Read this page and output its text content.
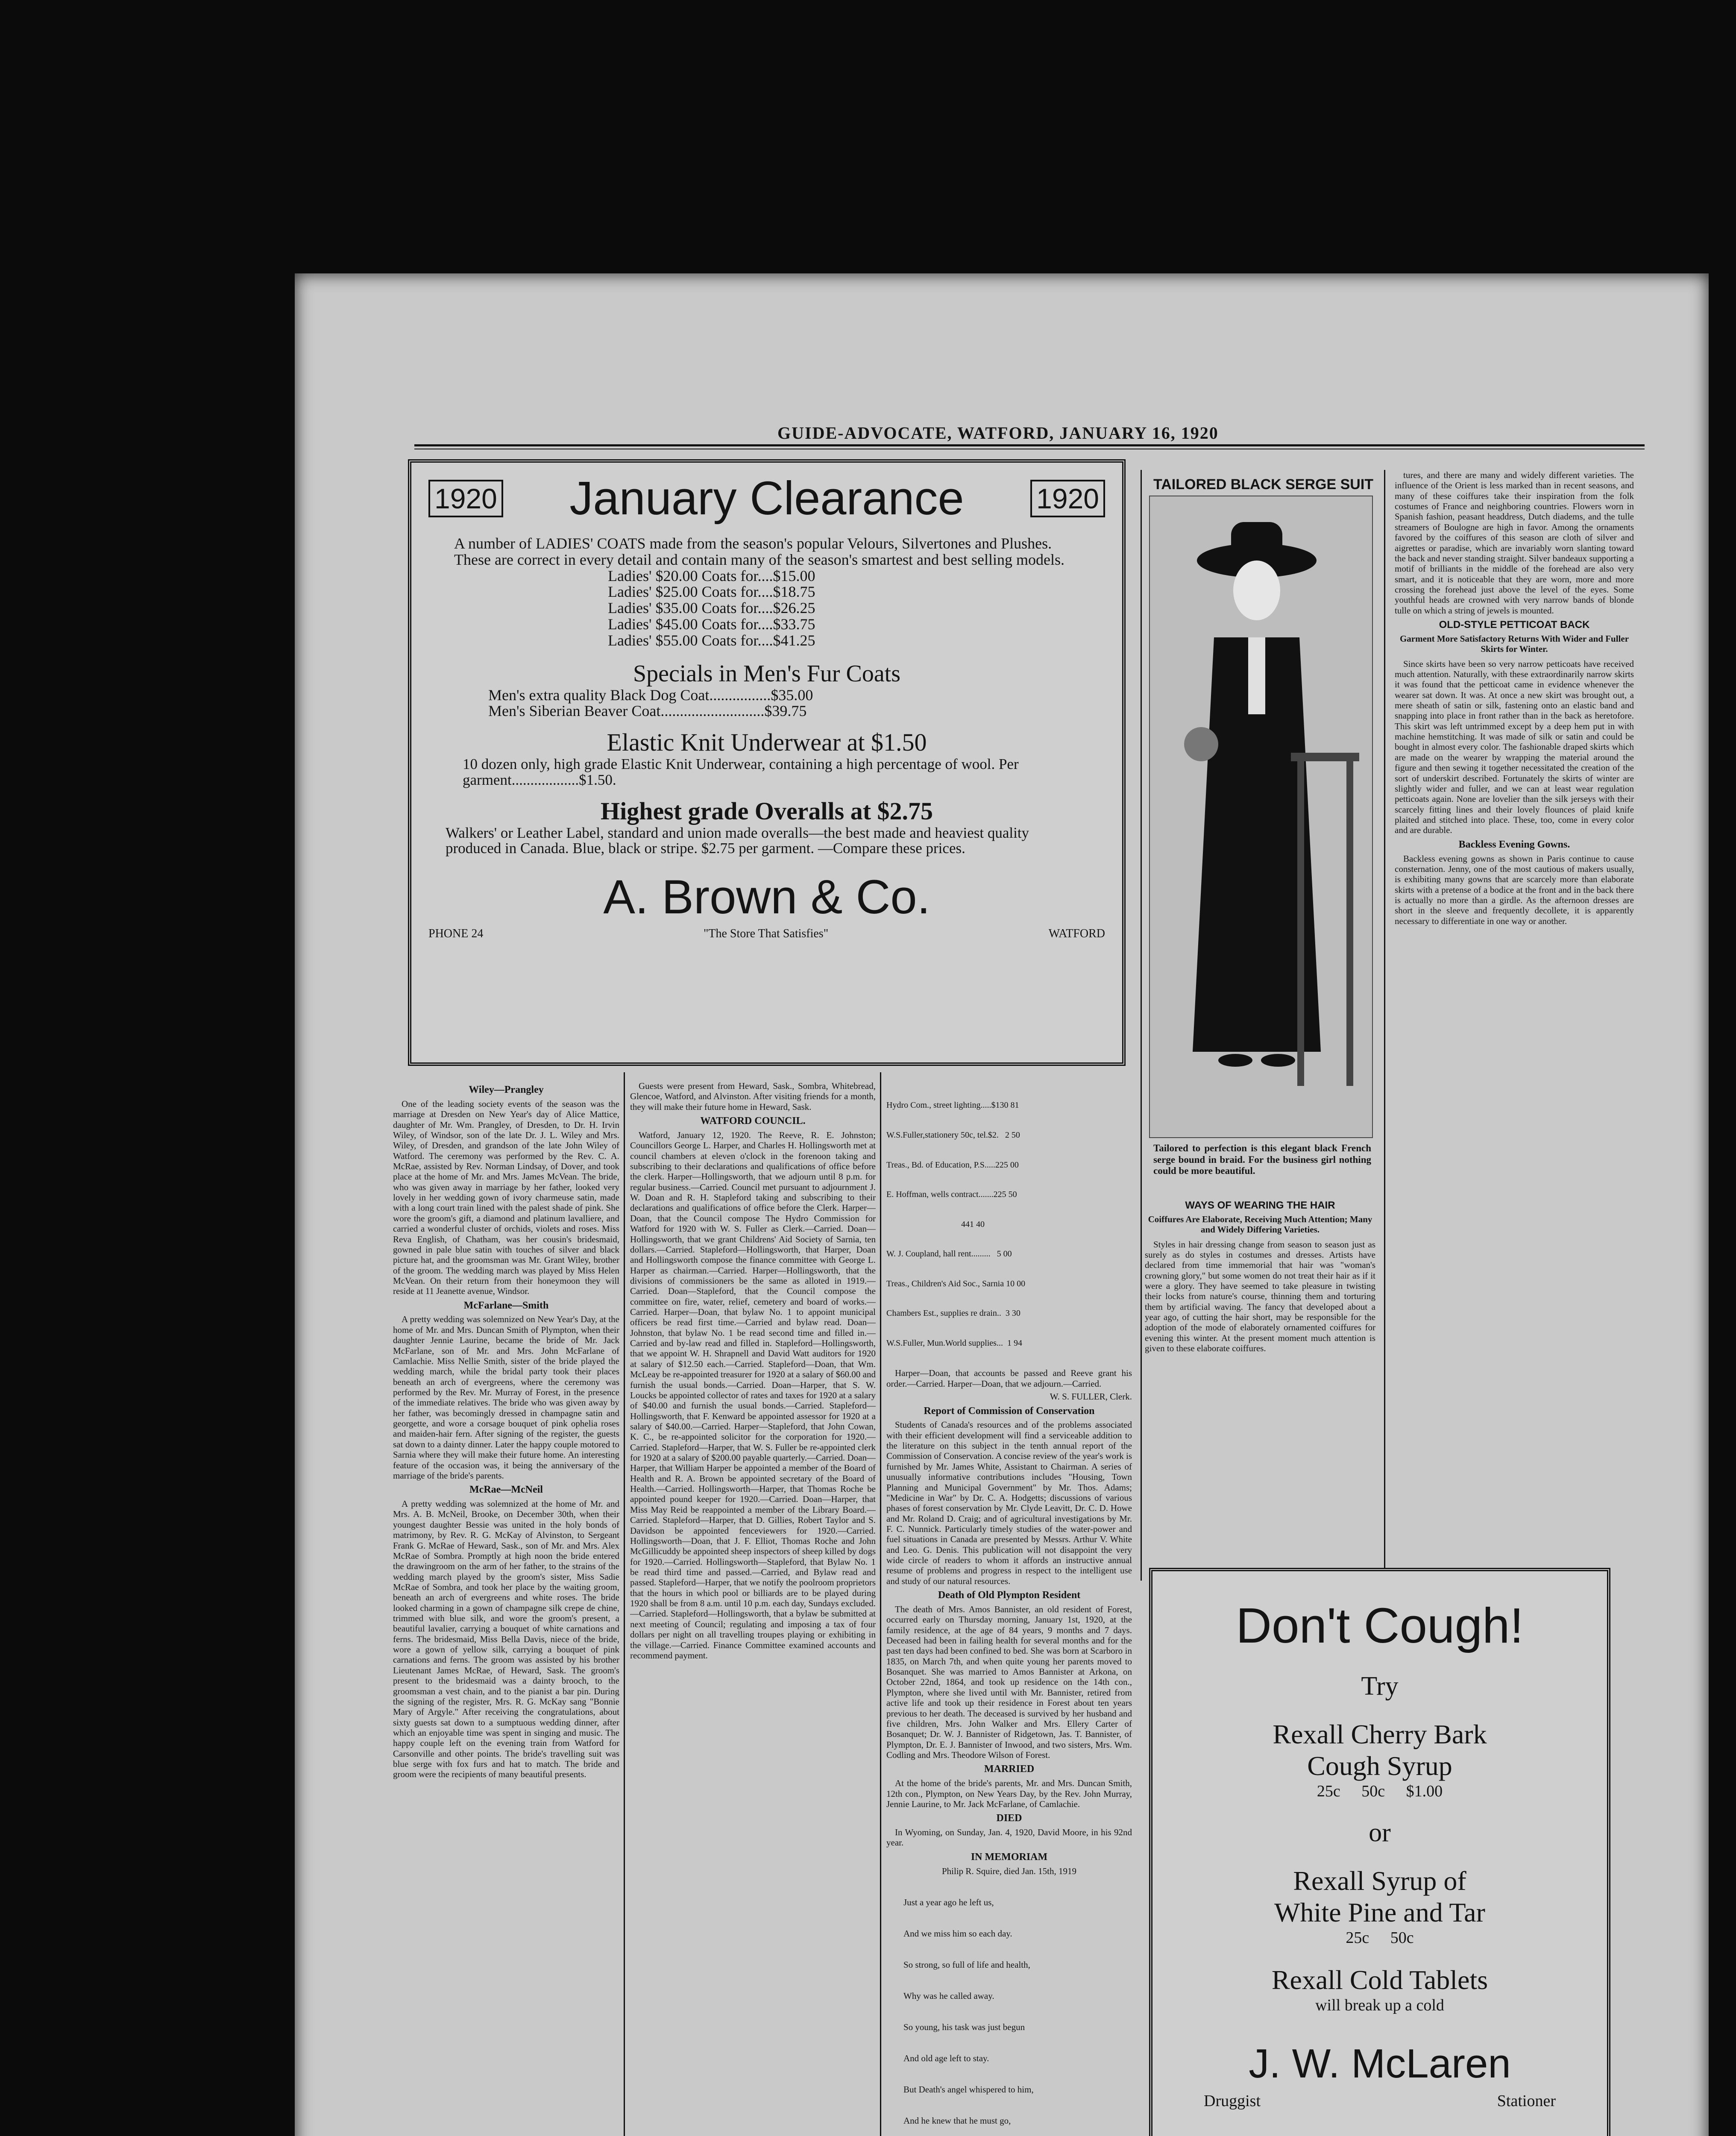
GUIDE-ADVOCATE, WATFORD, JANUARY 16, 1920
1920 January Clearance	1920
A number of LADIES' COATS made from the season's popular Velours, Silvertones and Plushes. These are correct in every detail and contain many of the season's smartest and best selling models.
Ladies' $20.00 Coats for....$15.00
Ladies' $25.00 Coats for....$18.75
Ladies' $35.00 Coats for....$26.25
Ladies' $45.00 Coats for....$33.75
Ladies' $55.00 Coats for....$41.25
Specials in Men's Fur Coats
Men's extra quality Black Dog Coat................$35.00
Men's Siberian Beaver Coat...........................$39.75
Elastic Knit Underwear at $1.50
10 dozen only, high grade Elastic Knit Underwear, containing a high percentage of wool. Per garment..................$1.50.
Highest grade Overalls at $2.75
Walkers' or Leather Label, standard and union made overalls—the best made and heaviest quality produced in Canada. Blue, black or stripe. $2.75 per garment. —Compare these prices.
A. Brown & Co.
PHONE 24	"The Store That Satisfies"	WATFORD
TAILORED BLACK SERGE SUIT
Tailored to perfection is this elegant black French serge bound in braid. For the business girl nothing could be more beautiful.
WAYS OF WEARING THE HAIR
Coiffures Are Elaborate, Receiving Much Attention; Many and Widely Differing Varieties.

Styles in hair dressing change from season to season just as surely as do styles in costumes and dresses. Artists have declared from time immemorial that hair was "woman's crowning glory," but some women do not treat their hair as if it were a glory. They have seemed to take pleasure in twisting their locks from nature's course, thinning them and torturing them by artificial waving. The fancy that developed about a year ago, of cutting the hair short, may be responsible for the adoption of the mode of elaborately ornamented coiffures for evening this winter. At the present moment much attention is given to these elaborate coiffures.

tures, and there are many and widely different varieties. The influence of the Orient is less marked than in recent seasons, and many of these coiffures take their inspiration from the folk costumes of France and neighboring countries. Flowers worn in Spanish fashion, peasant headdress, Dutch diadems, and the tulle streamers of Boulogne are high in favor. Among the ornaments favored by the coiffures of this season are cloth of silver and aigrettes or paradise, which are invariably worn slanting toward the back and never standing straight. Silver bandeaux supporting a motif of brilliants in the middle of the forehead are also very smart, and it is noticeable that they are worn, more and more crossing the forehead just above the level of the eyes. Some youthful heads are crowned with very narrow bands of blonde tulle on which a string of jewels is mounted.

OLD-STYLE PETTICOAT BACK
Garment More Satisfactory Returns With Wider and Fuller Skirts for Winter.

Since skirts have been so very narrow petticoats have received much attention. Naturally, with these extraordinarily narrow skirts it was found that the petticoat came in evidence whenever the wearer sat down. It was. At once a new skirt was brought out, a mere sheath of satin or silk, fastening onto an elastic band and snapping into place in front rather than in the back as heretofore. This skirt was left untrimmed except by a deep hem put in with machine hemstitching. It was made of silk or satin and could be bought in almost every color. The fashionable draped skirts which are made on the wearer by wrapping the material around the figure and then sewing it together necessitated the creation of the sort of underskirt described. Fortunately the skirts of winter are slightly wider and fuller, and we can at least wear regulation petticoats again. None are lovelier than the silk jerseys with their scarcely fitting lines and their lovely flounces of plaid knife plaited and stitched into place. These, too, come in every color and are durable.

Backless Evening Gowns.

Backless evening gowns as shown in Paris continue to cause consternation. Jenny, one of the most cautious of makers usually, is exhibiting many gowns that are scarcely more than elaborate skirts with a pretense of a bodice at the front and in the back there is actually no more than a girdle. As the afternoon dresses are short in the sleeve and frequently decollete, it is apparently necessary to differentiate in one way or another.

Don't Cough!
Try
Rexall Cherry Bark
Cough Syrup
25c 50c $1.00
or
Rexall Syrup of
White Pine and Tar
25c 50c
Rexall Cold Tablets
will break up a cold
J. W. McLaren
Druggist	Stationer
Wiley—Prangley

One of the leading society events of the season was the marriage at Dresden on New Year's day of Alice Mattice, daughter of Mr. Wm. Prangley, of Dresden, to Dr. H. Irvin Wiley, of Windsor, son of the late Dr. J. L. Wiley and Mrs. Wiley, of Dresden, and grandson of the late John Wiley of Watford. The ceremony was performed by the Rev. C. A. McRae, assisted by Rev. Norman Lindsay, of Dover, and took place at the home of Mr. and Mrs. James McVean. The bride, who was given away in marriage by her father, looked very lovely in her wedding gown of ivory charmeuse satin, made with a long court train lined with the palest shade of pink. She wore the groom's gift, a diamond and platinum lavalliere, and carried a wonderful cluster of orchids, violets and roses. Miss Reva English, of Chatham, was her cousin's bridesmaid, gowned in pale blue satin with touches of silver and black picture hat, and the groomsman was Mr. Grant Wiley, brother of the groom. The wedding march was played by Miss Helen McVean. On their return from their honeymoon they will reside at 11 Jeanette avenue, Windsor.

McFarlane—Smith

A pretty wedding was solemnized on New Year's Day, at the home of Mr. and Mrs. Duncan Smith of Plympton, when their daughter Jennie Laurine, became the bride of Mr. Jack McFarlane, son of Mr. and Mrs. John McFarlane of Camlachie. Miss Nellie Smith, sister of the bride played the wedding march, while the bridal party took their places beneath an arch of evergreens, where the ceremony was performed by the Rev. Mr. Murray of Forest, in the presence of the immediate relatives. The bride who was given away by her father, was becomingly dressed in champagne satin and georgette, and wore a corsage bouquet of pink ophelia roses and maiden-hair fern. After signing of the register, the guests sat down to a dainty dinner. Later the happy couple motored to Sarnia where they will make their future home. An interesting feature of the occasion was, it being the anniversary of the marriage of the bride's parents.

McRae—McNeil

A pretty wedding was solemnized at the home of Mr. and Mrs. A. B. McNeil, Brooke, on December 30th, when their youngest daughter Bessie was united in the holy bonds of matrimony, by Rev. R. G. McKay of Alvinston, to Sergeant Frank G. McRae of Heward, Sask., son of Mr. and Mrs. Alex McRae of Sombra. Promptly at high noon the bride entered the drawingroom on the arm of her father, to the strains of the wedding march played by the groom's sister, Miss Sadie McRae of Sombra, and took her place by the waiting groom, beneath an arch of evergreens and white roses. The bride looked charming in a gown of champagne silk crepe de chine, trimmed with blue silk, and wore the groom's present, a beautiful lavalier, carrying a bouquet of white carnations and ferns. The bridesmaid, Miss Bella Davis, niece of the bride, wore a gown of yellow silk, carrying a bouquet of pink carnations and ferns. The groom was assisted by his brother Lieutenant James McRae, of Heward, Sask. The groom's present to the bridesmaid was a dainty brooch, to the groomsman a vest chain, and to the pianist a bar pin. During the signing of the register, Mrs. R. G. McKay sang "Bonnie Mary of Argyle." After receiving the congratulations, about sixty guests sat down to a sumptuous wedding dinner, after which an enjoyable time was spent in singing and music. The happy couple left on the evening train from Watford for Carsonville and other points. The bride's travelling suit was blue serge with fox furs and hat to match. The bride and groom were the recipients of many beautiful presents.

Guests were present from Heward, Sask., Sombra, Whitebread, Glencoe, Watford, and Alvinston. After visiting friends for a month, they will make their future home in Heward, Sask.

WATFORD COUNCIL.

Watford, January 12, 1920. The Reeve, R. E. Johnston; Councillors George L. Harper, and Charles H. Hollingsworth met at council chambers at eleven o'clock in the forenoon taking and subscribing to their declarations and qualifications of office before the clerk. Harper—Hollingsworth, that we adjourn until 8 p.m. for regular business.—Carried. Council met pursuant to adjournment J. W. Doan and R. H. Stapleford taking and subscribing to their declarations and qualifications of office before the Clerk. Harper—Doan, that the Council compose The Hydro Commission for Watford for 1920 with W. S. Fuller as Clerk.—Carried. Doan—Hollingsworth, that we grant Childrens' Aid Society of Sarnia, ten dollars.—Carried. Stapleford—Hollingsworth, that Harper, Doan and Hollingsworth compose the finance committee with George L. Harper as chairman.—Carried. Harper—Hollingsworth, that the divisions of commissioners be the same as alloted in 1919.—Carried. Doan—Stapleford, that the Council compose the committee on fire, water, relief, cemetery and board of works.—Carried. Harper—Doan, that bylaw No. 1 to appoint municipal officers be read first time.—Carried and bylaw read. Doan—Johnston, that bylaw No. 1 be read second time and filled in.—Carried and by-law read and filled in. Stapleford—Hollingsworth, that we appoint W. H. Shrapnell and David Watt auditors for 1920 at salary of $12.50 each.—Carried. Stapleford—Doan, that Wm. McLeay be re-appointed treasurer for 1920 at a salary of $60.00 and furnish the usual bonds.—Carried. Doan—Harper, that S. W. Loucks be appointed collector of rates and taxes for 1920 at a salary of $40.00 and furnish the usual bonds.—Carried. Stapleford—Hollingsworth, that F. Kenward be appointed assessor for 1920 at a salary of $40.00.—Carried. Harper—Stapleford, that John Cowan, K. C., be re-appointed solicitor for the corporation for 1920.—Carried. Stapleford—Harper, that W. S. Fuller be re-appointed clerk for 1920 at a salary of $200.00 payable quarterly.—Carried. Doan—Harper, that William Harper be appointed a member of the Board of Health and R. A. Brown be appointed secretary of the Board of Health.—Carried. Hollingsworth—Harper, that Thomas Roche be appointed pound keeper for 1920.—Carried. Doan—Harper, that Miss May Reid be reappointed a member of the Library Board.—Carried. Stapleford—Harper, that D. Gillies, Robert Taylor and S. Davidson be appointed fenceviewers for 1920.—Carried. Hollingsworth—Doan, that J. F. Elliot, Thomas Roche and John McGillicuddy be appointed sheep inspectors of sheep killed by dogs for 1920.—Carried. Hollingsworth—Stapleford, that Bylaw No. 1 be read third time and passed.—Carried, and Bylaw read and passed. Stapleford—Harper, that we notify the poolroom proprietors that the hours in which pool or billiards are to be played during 1920 shall be from 8 a.m. until 10 p.m. each day, Sundays excluded.—Carried. Stapleford—Hollingsworth, that a bylaw be submitted at next meeting of Council; regulating and imposing a tax of four dollars per night on all travelling troupes playing or exhibiting in the village.—Carried. Finance Committee examined accounts and recommend payment.

Hydro Com., street lighting.....$130 81

W.S.Fuller,stationery 50c, tel.$2.   2 50

Treas., Bd. of Education, P.S.....225 00

E. Hoffman, wells contract.......225 50

441 40

W. J. Coupland, hall rent.........   5 00

Treas., Children's Aid Soc., Sarnia 10 00

Chambers Est., supplies re drain..  3 30

W.S.Fuller, Mun.World supplies...  1 94

Harper—Doan, that accounts be passed and Reeve grant his order.—Carried. Harper—Doan, that we adjourn.—Carried.

W. S. FULLER, Clerk.
Report of Commission of Conservation

Students of Canada's resources and of the problems associated with their efficient development will find a serviceable addition to the literature on this subject in the tenth annual report of the Commission of Conservation. A concise review of the year's work is furnished by Mr. James White, Assistant to Chairman. A series of unusually informative contributions includes "Housing, Town Planning and Municipal Government" by Mr. Thos. Adams; "Medicine in War" by Dr. C. A. Hodgetts; discussions of various phases of forest conservation by Mr. Clyde Leavitt, Dr. C. D. Howe and Mr. Roland D. Craig; and of agricultural investigations by Mr. F. C. Nunnick. Particularly timely studies of the water-power and fuel situations in Canada are presented by Messrs. Arthur V. White and Leo. G. Denis. This publication will not disappoint the very wide circle of readers to whom it affords an instructive annual resume of problems and progress in respect to the intelligent use and study of our natural resources.

Death of Old Plympton Resident

The death of Mrs. Amos Bannister, an old resident of Forest, occurred early on Thursday morning, January 1st, 1920, at the family residence, at the age of 84 years, 9 months and 7 days. Deceased had been in failing health for several months and for the past ten days had been confined to bed. She was born at Scarboro in 1835, on March 7th, and when quite young her parents moved to Bosanquet. She was married to Amos Bannister at Arkona, on October 22nd, 1864, and took up residence on the 14th con., Plympton, where she lived until with Mr. Bannister, retired from active life and took up their residence in Forest about ten years previous to her death. The deceased is survived by her husband and five children, Mrs. John Walker and Mrs. Ellery Carter of Bosanquet; Dr. W. J. Bannister of Ridgetown, Jas. T. Bannister, of Plympton, Dr. E. J. Bannister of Inwood, and two sisters, Mrs. Wm. Codling and Mrs. Theodore Wilson of Forest.

MARRIED

At the home of the bride's parents, Mr. and Mrs. Duncan Smith, 12th con., Plympton, on New Years Day, by the Rev. John Murray, Jennie Laurine, to Mr. Jack McFarlane, of Camlachie.

DIED

In Wyoming, on Sunday, Jan. 4, 1920, David Moore, in his 92nd year.

IN MEMORIAM
Philip R. Squire, died Jan. 15th, 1919

Just a year ago he left us,

And we miss him so each day.

So strong, so full of life and health,

Why was he called away.

So young, his task was just begun

And old age left to stay.

But Death's angel whispered to him,

And he knew that he must go,
